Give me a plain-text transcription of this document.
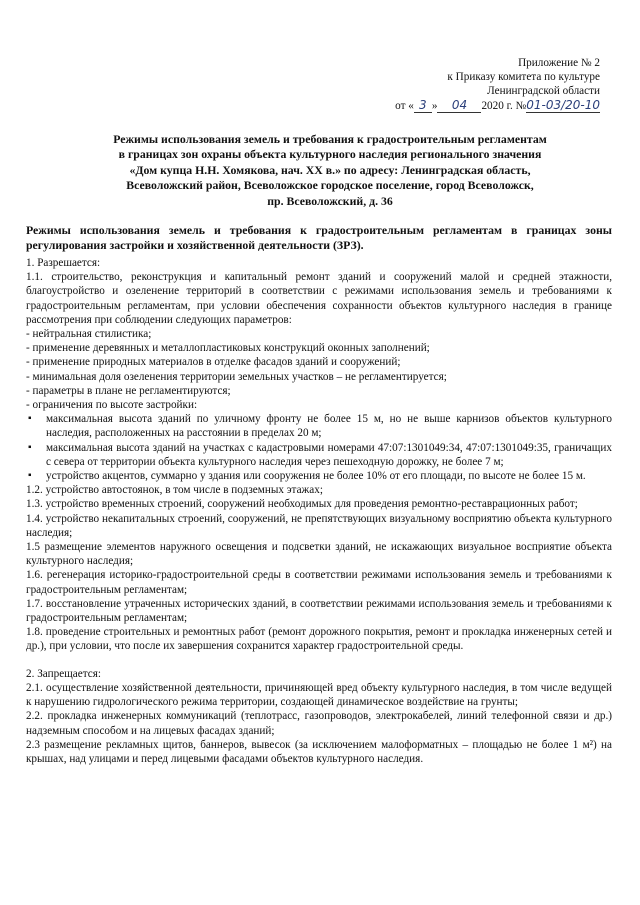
Приложение № 2
к Приказу комитета по культуре
Ленинградской области
от « 3 » 04 2020 г. №01-03/20-10
Режимы использования земель и требования к градостроительным регламентам
в границах зон охраны объекта культурного наследия регионального значения
«Дом купца Н.Н. Хомякова, нач. XX в.» по адресу: Ленинградская область,
Всеволожский район, Всеволожское городское поселение, город Всеволожск,
пр. Всеволожский, д. 36

Режимы использования земель и требования к градостроительным регламентам в границах зоны регулирования застройки и хозяйственной деятельности (ЗРЗ).

1. Разрешается:

1.1. строительство, реконструкция и капитальный ремонт зданий и сооружений малой и средней этажности, благоустройство и озеленение территорий в соответствии с режимами использования земель и требованиями к градостроительным регламентам, при условии обеспечения сохранности объектов культурного наследия в границе рассмотрения при соблюдении следующих параметров:

- нейтральная стилистика;

- применение деревянных и металлопластиковых конструкций оконных заполнений;

- применение природных материалов в отделке фасадов зданий и сооружений;

- минимальная доля озеленения территории земельных участков – не регламентируется;

- параметры в плане не регламентируются;

- ограничения по высоте застройки:

▪ максимальная высота зданий по уличному фронту не более 15 м, но не выше карнизов объектов культурного наследия, расположенных на расстоянии в пределах 20 м;

▪ максимальная высота зданий на участках с кадастровыми номерами 47:07:1301049:34, 47:07:1301049:35, граничащих с севера от территории объекта культурного наследия через пешеходную дорожку, не более 7 м;

▪ устройство акцентов, суммарно у здания или сооружения не более 10% от его площади, по высоте не более 15 м.

1.2. устройство автостоянок, в том числе в подземных этажах;

1.3. устройство временных строений, сооружений необходимых для проведения ремонтно-реставрационных работ;

1.4. устройство некапитальных строений, сооружений, не препятствующих визуальному восприятию объекта культурного наследия;

1.5 размещение элементов наружного освещения и подсветки зданий, не искажающих визуальное восприятие объекта культурного наследия;

1.6. регенерация историко-градостроительной среды в соответствии режимами использования земель и требованиями к градостроительным регламентам;

1.7. восстановление утраченных исторических зданий, в соответствии режимами использования земель и требованиями к градостроительным регламентам;

1.8. проведение строительных и ремонтных работ (ремонт дорожного покрытия, ремонт и прокладка инженерных сетей и др.), при условии, что после их завершения сохранится характер градостроительной среды.

2. Запрещается:

2.1. осуществление хозяйственной деятельности, причиняющей вред объекту культурного наследия, в том числе ведущей к нарушению гидрологического режима территории, создающей динамическое воздействие на грунты;

2.2. прокладка инженерных коммуникаций (теплотрасс, газопроводов, электрокабелей, линий телефонной связи и др.) надземным способом и на лицевых фасадах зданий;

2.3 размещение рекламных щитов, баннеров, вывесок (за исключением малоформатных – площадью не более 1 м²) на крышах, над улицами и перед лицевыми фасадами объектов культурного наследия.
